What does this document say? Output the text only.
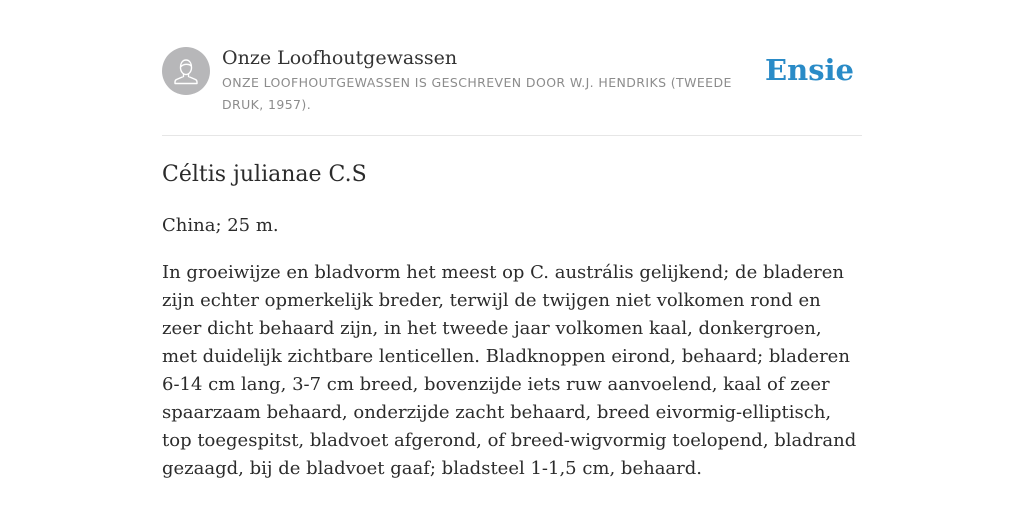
Onze Loofhoutgewassen
ONZE LOOFHOUTGEWASSEN IS GESCHREVEN DOOR W.J. HENDRIKS (TWEEDE DRUK, 1957).
Ensie
Céltis julianae C.S
China; 25 m.

In groeiwijze en bladvorm het meest op C. austrális gelijkend; de bladeren zijn echter opmerkelijk breder, terwijl de twijgen niet volkomen rond en zeer dicht behaard zijn, in het tweede jaar volkomen kaal, donkergroen, met duidelijk zichtbare lenticellen. Bladknoppen eirond, behaard; bladeren 6-14 cm lang, 3-7 cm breed, bovenzijde iets ruw aanvoelend, kaal of zeer spaarzaam behaard, onderzijde zacht behaard, breed eivormig-elliptisch, top toegespitst, bladvoet afgerond, of breed-wigvormig toelopend, bladrand gezaagd, bij de bladvoet gaaf; bladsteel 1-1,5 cm, behaard.
